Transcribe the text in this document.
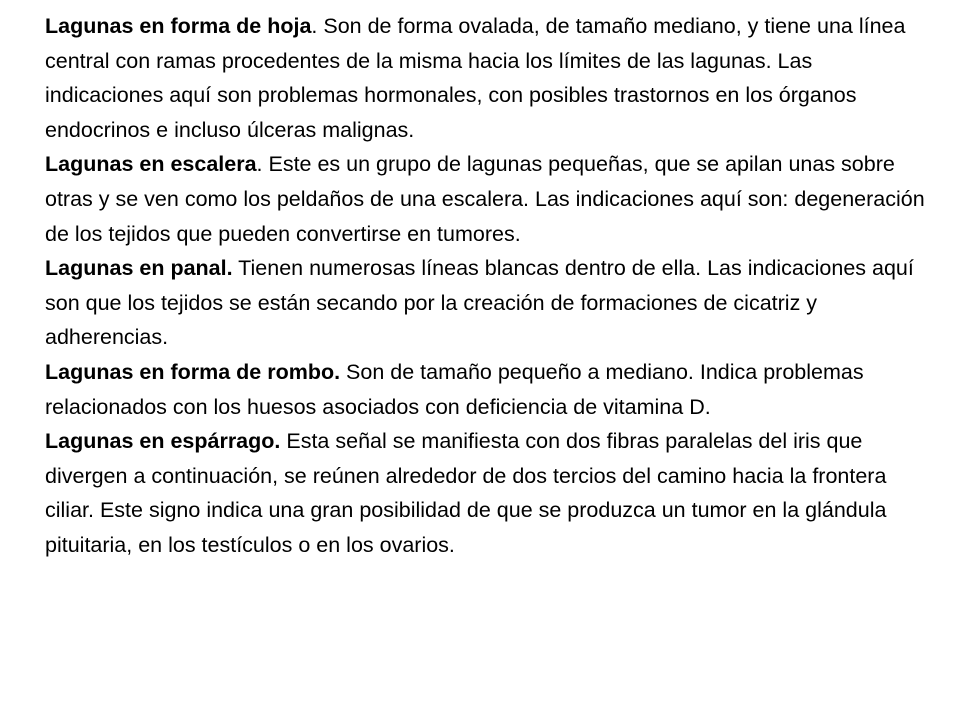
Lagunas en forma de hoja. Son de forma ovalada, de tamaño mediano, y tiene una línea central con ramas procedentes de la misma hacia los límites de las lagunas. Las indicaciones aquí son problemas hormonales, con posibles trastornos en los órganos endocrinos e incluso úlceras malignas.

Lagunas en escalera. Este es un grupo de lagunas pequeñas, que se apilan unas sobre otras y se ven como los peldaños de una escalera. Las indicaciones aquí son: degeneración de los tejidos que pueden convertirse en tumores.

Lagunas en panal. Tienen numerosas líneas blancas dentro de ella. Las indicaciones aquí son que los tejidos se están secando por la creación de formaciones de cicatriz y adherencias.

Lagunas en forma de rombo. Son de tamaño pequeño a mediano. Indica problemas relacionados con los huesos asociados con deficiencia de vitamina D.

Lagunas en espárrago. Esta señal se manifiesta con dos fibras paralelas del iris que divergen a continuación, se reúnen alrededor de dos tercios del camino hacia la frontera ciliar. Este signo indica una gran posibilidad de que se produzca un tumor en la glándula pituitaria, en los testículos o en los ovarios.
